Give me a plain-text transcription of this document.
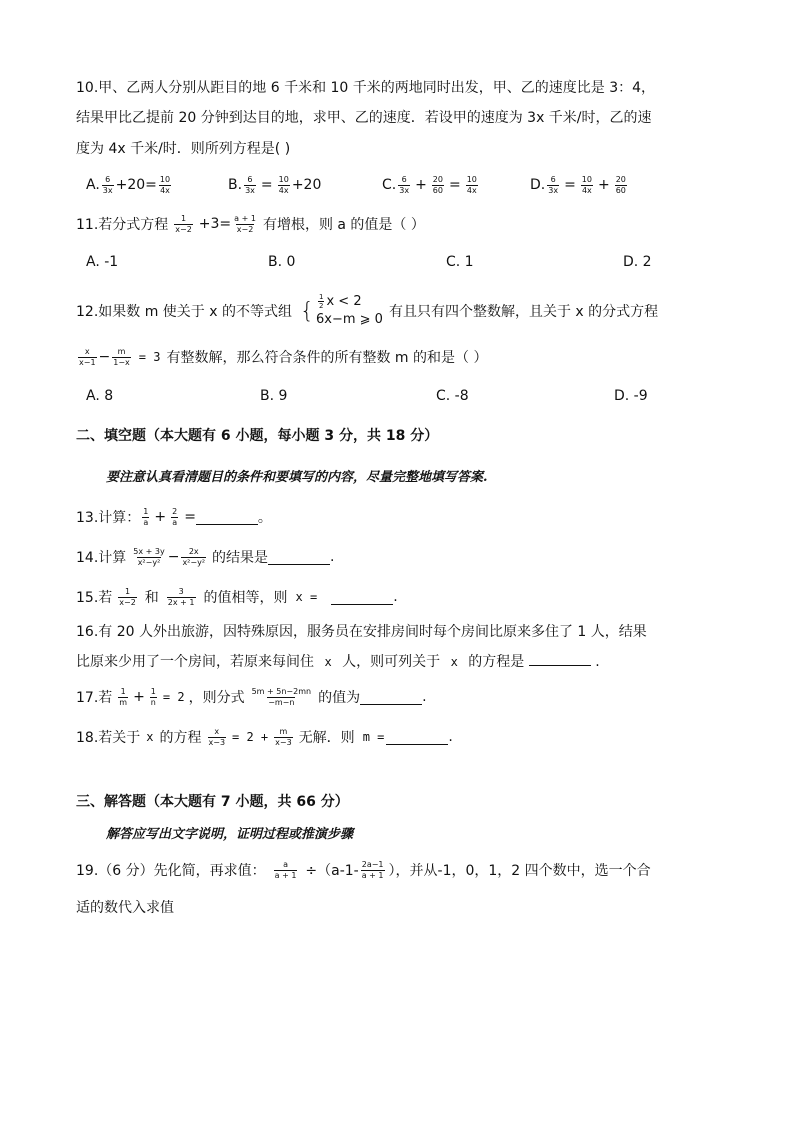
10.甲、乙两人分别从距目的地 6 千米和 10 千米的两地同时出发，甲、乙的速度比是 3：4，
结果甲比乙提前 20 分钟到达目的地，求甲、乙的速度．若设甲的速度为 3x 千米/时，乙的速
度为 4x 千米/时．则所列方程是( )
A. $\frac{6}{3x} +20= \frac{10}{4x}$	B. $\frac{6}{3x} = \frac{10}{4x} +20$	C. $\frac{6}{3x} + \frac{20}{60} = \frac{10}{4x}$	D. $\frac{6}{3x} = \frac{10}{4x} + \frac{20}{60}$
11.若分式方程 $\frac{1}{x-2} +3= \frac{a + 1}{x-2}$ 有增根，则 a 的值是（ ）
A. -1	B. 0	C. 1	D. 2
12.如果数 m 使关于 x 的不等式组 { $\frac{1}{2}$ x < 2
6x−m ⩾ 0 有且只有四个整数解，且关于 x 的分式方程
$\frac{x}{x-1} - \frac{m}{1-x} = 3$ 有整数解，那么符合条件的所有整数 m 的和是（ ）
A. 8	B. 9	C. -8	D. -9
二、填空题（本大题有 6 小题，每小题 3 分，共 18 分）
要注意认真看清题目的条件和要填写的内容，尽量完整地填写答案.
13.计算： $\frac{1}{a} + \frac{2}{a}$ =	。
14.计算 $\frac{5x + 3y}{\text{x²−y²}} - \frac{2x}{\text{x²−y²}}$ 的结果是	.
15.若 $\frac{1}{x-2}$ 和 $\frac{3}{2x + 1}$ 的值相等，则 x =	.
16.有 20 人外出旅游，因特殊原因，服务员在安排房间时每个房间比原来多住了 1 人，结果
比原来少用了一个房间，若原来每间住 x 人，则可列关于 x 的方程是	.
17.若 $\frac{1}{m} + \frac{1}{n} = 2$ ，则分式 $\frac{5m + 5n-2mn}{-m-n}$ 的值为	.
18.若关于 x 的方程 $\frac{x}{x-3} = 2 + \frac{m}{x-3}$ 无解．则 m =	.
三、解答题（本大题有 7 小题，共 66 分）
解答应写出文字说明，证明过程或推演步骤
19.（6 分）先化简，再求值： $\frac{a}{a + 1} \div(a-1- \frac{2a-1}{a + 1}$ ），并从-1，0，1，2 四个数中，选一个合
适的数代入求值
